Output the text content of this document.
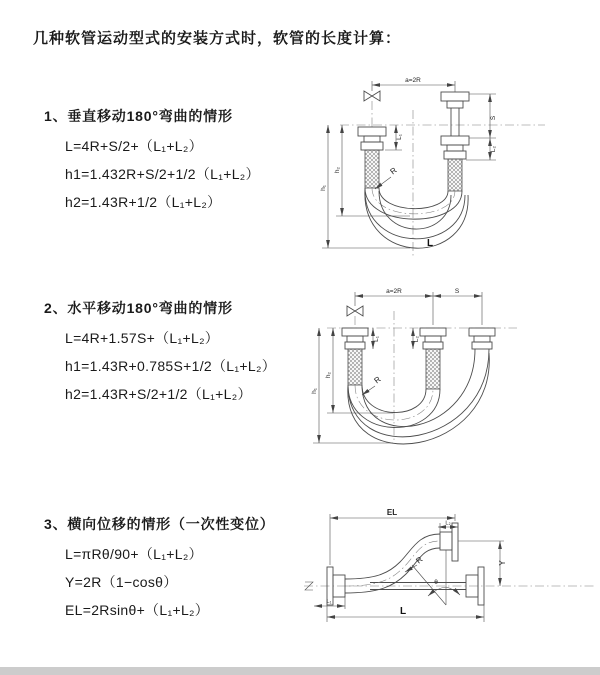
几种软管运动型式的安装方式时，软管的长度计算：
1、垂直移动180°弯曲的情形
L=4R+S/2+（L₁+L₂）
h1=1.432R+S/2+1/2（L₁+L₂）
h2=1.43R+1/2（L₁+L₂）
a=2R
S
L₂
L₁
h₂
h₁
R
L
2、水平移动180°弯曲的情形
L=4R+1.57S+（L₁+L₂）
h1=1.43R+0.785S+1/2（L₁+L₂）
h2=1.43R+S/2+1/2（L₁+L₂）
a=2R	S
h₂
h₁
L₁	L₂
R
3、横向位移的情形（一次性变位）
L=πRθ/90+（L₁+L₂）
Y=2R（1−cosθ）
EL=2Rsinθ+（L₁+L₂）
θ
EL
L₂
Y
L
L₁
R
